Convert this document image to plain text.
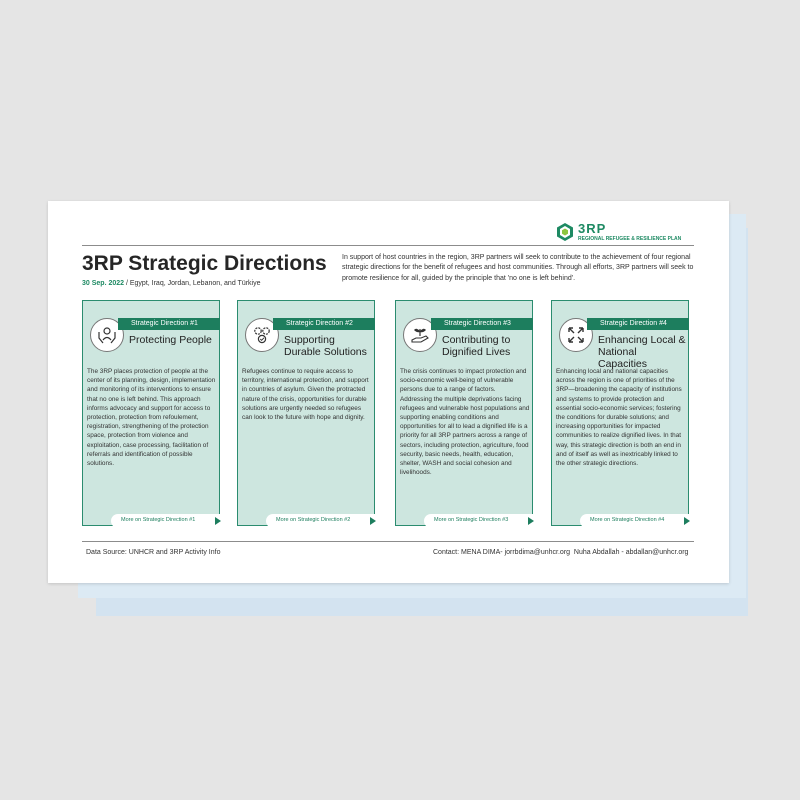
3RP
REGIONAL REFUGEE & RESILIENCE PLAN
3RP Strategic Directions
30 Sep. 2022 / Egypt, Iraq, Jordan, Lebanon, and Türkiye
In support of host countries in the region, 3RP partners will seek to contribute to the achievement of four regional strategic directions for the benefit of refugees and host communities. Through all efforts, 3RP partners will seek to promote resilience for all, guided by the principle that 'no one is left behind'.
Strategic Direction #1
Protecting People
The 3RP places protection of people at the center of its planning, design, implementation and monitoring of its interventions to ensure that no one is left behind. This approach informs advocacy and support for access to protection, protection from refoulement, registration, strengthening of the protection space, protection from violence and exploitation, case processing, facilitation of referrals and identification of possible solutions.
More on Strategic Direction #1
Strategic Direction #2
Supporting Durable Solutions
Refugees continue to require access to territory, international protection, and support in countries of asylum. Given the protracted nature of the crisis, opportunities for durable solutions are urgently needed so refugees can look to the future with hope and dignity.
More on Strategic Direction #2
Strategic Direction #3
Contributing to Dignified Lives
The crisis continues to impact protection and socio-economic well-being of vulnerable persons due to a range of factors.
Addressing the multiple deprivations facing refugees and vulnerable host populations and supporting enabling conditions and opportunities for all to lead a dignified life is a priority for all 3RP partners across a range of sectors, including protection, agriculture, food security, basic needs, health, education, shelter, WASH and social cohesion and livelihoods.
More on Strategic Direction #3
Strategic Direction #4
Enhancing Local & National Capacities
Enhancing local and national capacities across the region is one of priorities of the 3RP—broadening the capacity of institutions and systems to provide protection and essential socio-economic services; fostering the conditions for durable solutions; and increasing opportunities for impacted communities to realize dignified lives. In that way, this strategic direction is both an end in and of itself as well as inextricably linked to the other strategic directions.
More on Strategic Direction #4
Data Source: UNHCR and 3RP Activity Info	Contact: MENA DIMA- jorrbdima@unhcr.org  Nuha Abdallah - abdallan@unhcr.org
